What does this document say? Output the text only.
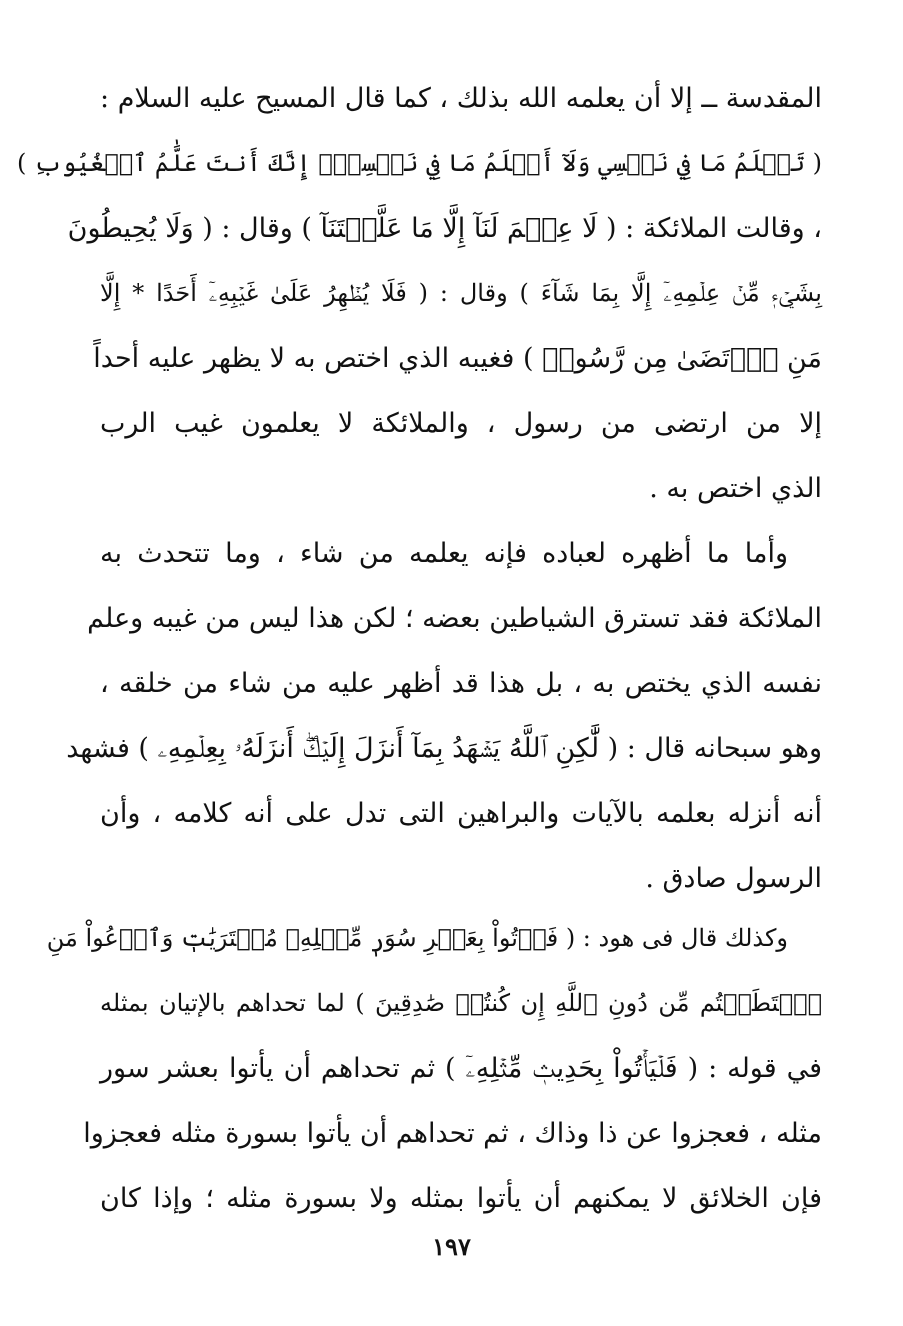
المقدسة ــ إلا أن يعلمه الله بذلك ، كما قال المسيح عليه السلام :
( تَعۡلَمُ مَا فِي نَفۡسِي وَلَآ أَعۡلَمُ مَا فِي نَفۡسِكَۚ إِنَّكَ أَنتَ عَلَّٰمُ ٱلۡغُيُوبِ )
، وقالت الملائكة : ( لَا عِلۡمَ لَنَآ إِلَّا مَا عَلَّمۡتَنَآ ) وقال : ( وَلَا يُحِيطُونَ
بِشَيۡءٖ مِّنۡ عِلۡمِهِۦٓ إِلَّا بِمَا شَآءَ ) وقال : ( فَلَا يُظۡهِرُ عَلَىٰ غَيۡبِهِۦٓ أَحَدًا * إِلَّا
مَنِ ٱرۡتَضَىٰ مِن رَّسُولٖ ) فغيبه الذي اختص به لا يظهر عليه أحداً
إلا من ارتضى من رسول ، والملائكة لا يعلمون غيب الرب
الذي اختص به .
وأما ما أظهره لعباده فإنه يعلمه من شاء ، وما تتحدث به
الملائكة فقد تسترق الشياطين بعضه ؛ لكن هذا ليس من غيبه وعلم
نفسه الذي يختص به ، بل هذا قد أظهر عليه من شاء من خلقه ،
وهو سبحانه قال : ( لَّٰكِنِ ٱللَّهُ يَشۡهَدُ بِمَآ أَنزَلَ إِلَيۡكَۖ أَنزَلَهُۥ بِعِلۡمِهِۦ ) فشهد
أنه أنزله بعلمه بالآيات والبراهين التى تدل على أنه كلامه ، وأن
الرسول صادق .
وكذلك قال فى هود : ( فَأۡتُواْ بِعَشۡرِ سُوَرٖ مِّثۡلِهِۦ مُفۡتَرَيَٰتٖ وَٱدۡعُواْ مَنِ
ٱسۡتَطَعۡتُم مِّن دُونِ ٱللَّهِ إِن كُنتُمۡ صَٰدِقِينَ ) لما تحداهم بالإتيان بمثله
في قوله : ( فَلۡيَأۡتُواْ بِحَدِيثٖ مِّثۡلِهِۦٓ ) ثم تحداهم أن يأتوا بعشر سور
مثله ، فعجزوا عن ذا وذاك ، ثم تحداهم أن يأتوا بسورة مثله فعجزوا
فإن الخلائق لا يمكنهم أن يأتوا بمثله ولا بسورة مثله ؛ وإذا كان
١٩٧
